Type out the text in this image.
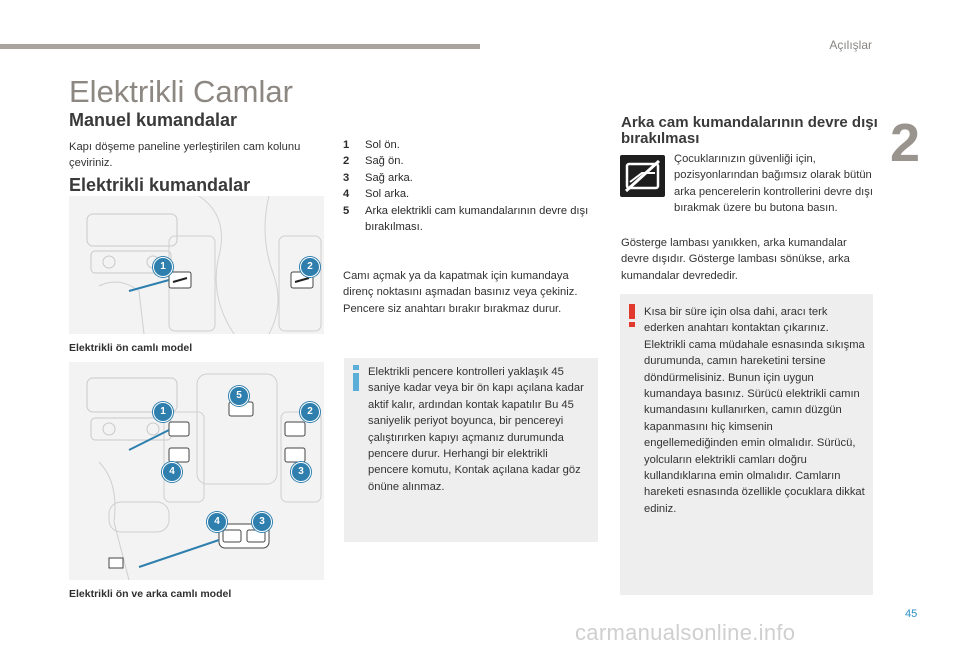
Açılışlar
2
Elektrikli Camlar
Manuel kumandalar
Kapı döşeme paneline yerleştirilen cam kolunu çeviriniz.
Elektrikli kumandalar
1	2
Elektrikli ön camlı model
5
1	2
4	3
4	3
Elektrikli ön ve arka camlı model
1	Sol ön.
2	Sağ ön.
3	Sağ arka.
4	Sol arka.
5	Arka elektrikli cam kumandalarının devre dışı bırakılması.
Camı açmak ya da kapatmak için kumandaya direnç noktasını aşmadan basınız veya çekiniz. Pencere siz anahtarı bırakır bırakmaz durur.
Elektrikli pencere kontrolleri yaklaşık 45 saniye kadar veya bir ön kapı açılana kadar aktif kalır, ardından kontak kapatılır Bu 45 saniyelik periyot boyunca, bir pencereyi çalıştırırken kapıyı açmanız durumunda pencere durur. Herhangi bir elektrikli pencere komutu, Kontak açılana kadar göz önüne alınmaz.
Arka cam kumandalarının devre dışı bırakılması
Çocuklarınızın güvenliği için, pozisyonlarından bağımsız olarak bütün arka pencerelerin kontrollerini devre dışı bırakmak üzere bu butona basın.
Gösterge lambası yanıkken, arka kumandalar devre dışıdır. Gösterge lambası sönükse, arka kumandalar devrededir.
Kısa bir süre için olsa dahi, aracı terk ederken anahtarı kontaktan çıkarınız. Elektrikli cama müdahale esnasında sıkışma durumunda, camın hareketini tersine döndürmelisiniz. Bunun için uygun kumandaya basınız. Sürücü elektrikli camın kumandasını kullanırken, camın düzgün kapanmasını hiç kimsenin engellemediğinden emin olmalıdır. Sürücü, yolcuların elektrikli camları doğru kullandıklarına emin olmalıdır. Camların hareketi esnasında özellikle çocuklara dikkat ediniz.
45
carmanualsonline.info
